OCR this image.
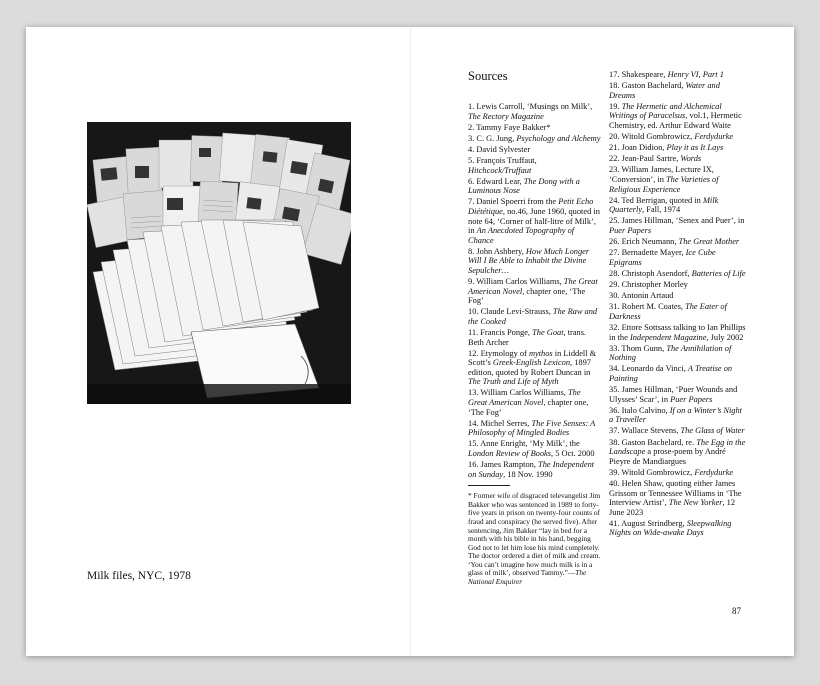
Milk files, NYC, 1978
Sources
1. Lewis Carroll, ‘Musings on Milk’, The Rectory Magazine
2. Tammy Faye Bakker*
3. C. G. Jung, Psychology and Alchemy
4. David Sylvester
5. François Truffaut, Hitchcock/Truffaut
6. Edward Lear, The Dong with a Luminous Nose
7. Daniel Spoerri from the Petit Echo Diététique, no.46, June 1960, quoted in note 64, ‘Corner of half-litre of Milk’, in An Anecdoted Topography of Chance
8. John Ashbery, How Much Longer Will I Be Able to Inhabit the Divine Sepulcher…
9. William Carlos Williams, The Great American Novel, chapter one, ‘The Fog’
10. Claude Levi-Strauss, The Raw and the Cooked
11. Francis Ponge, The Goat, trans. Beth Archer
12. Etymology of mythos in Liddell & Scott’s Greek-English Lexicon, 1897 edition, quoted by Robert Duncan in The Truth and Life of Myth
13. William Carlos Williams, The Great American Novel, chapter one, ‘The Fog’
14. Michel Serres, The Five Senses: A Philosophy of Mingled Bodies
15. Anne Enright, ‘My Milk’, the London Review of Books, 5 Oct. 2000
16. James Rampton, The Independent on Sunday, 18 Nov. 1990
* Former wife of disgraced televangelist Jim Bakker who was sentenced in 1989 to forty-five years in prison on twenty-four counts of fraud and conspiracy (he served five). After sentencing, Jim Bakker “lay in bed for a month with his bible in his hand, begging God not to let him lose his mind completely. The doctor ordered a diet of milk and cream. ‘You can’t imagine how much milk is in a glass of milk’, observed Tammy.”—The National Enquirer
17. Shakespeare, Henry VI, Part 1
18. Gaston Bachelard, Water and Dreams
19. The Hermetic and Alchemical Writings of Paracelsus, vol.1, Hermetic Chemistry, ed. Arthur Edward Waite
20. Witold Gombrowicz, Ferdydurke
21. Joan Didion, Play it as It Lays
22. Jean-Paul Sartre, Words
23. William James, Lecture IX, ‘Conversion’, in The Varieties of Religious Experience
24. Ted Berrigan, quoted in Milk Quarterly, Fall, 1974
25. James Hillman, ‘Senex and Puer’, in Puer Papers
26. Erich Neumann, The Great Mother
27. Bernadette Mayer, Ice Cube Epigrams
28. Christoph Asendorf, Batteries of Life
29. Christopher Morley
30. Antonin Artaud
31. Robert M. Coates, The Eater of Darkness
32. Ettore Sottsass talking to Ian Phillips in the Independent Magazine, July 2002
33. Thom Gunn, The Annihilation of Nothing
34. Leonardo da Vinci, A Treatise on Painting
35. James Hillman, ‘Puer Wounds and Ulysses’ Scar’, in Puer Papers
36. Italo Calvino, If on a Winter’s Night a Traveller
37. Wallace Stevens, The Glass of Water
38. Gaston Bachelard, re. The Egg in the Landscape a prose-poem by André Pieyre de Mandiargues
39. Witold Gombrowicz, Ferdydurke
40. Helen Shaw, quoting either James Grissom or Tennessee Williams in ‘The Interview Artist’, The New Yorker, 12 June 2023
41. August Strindberg, Sleepwalking Nights on Wide-awake Days
87
